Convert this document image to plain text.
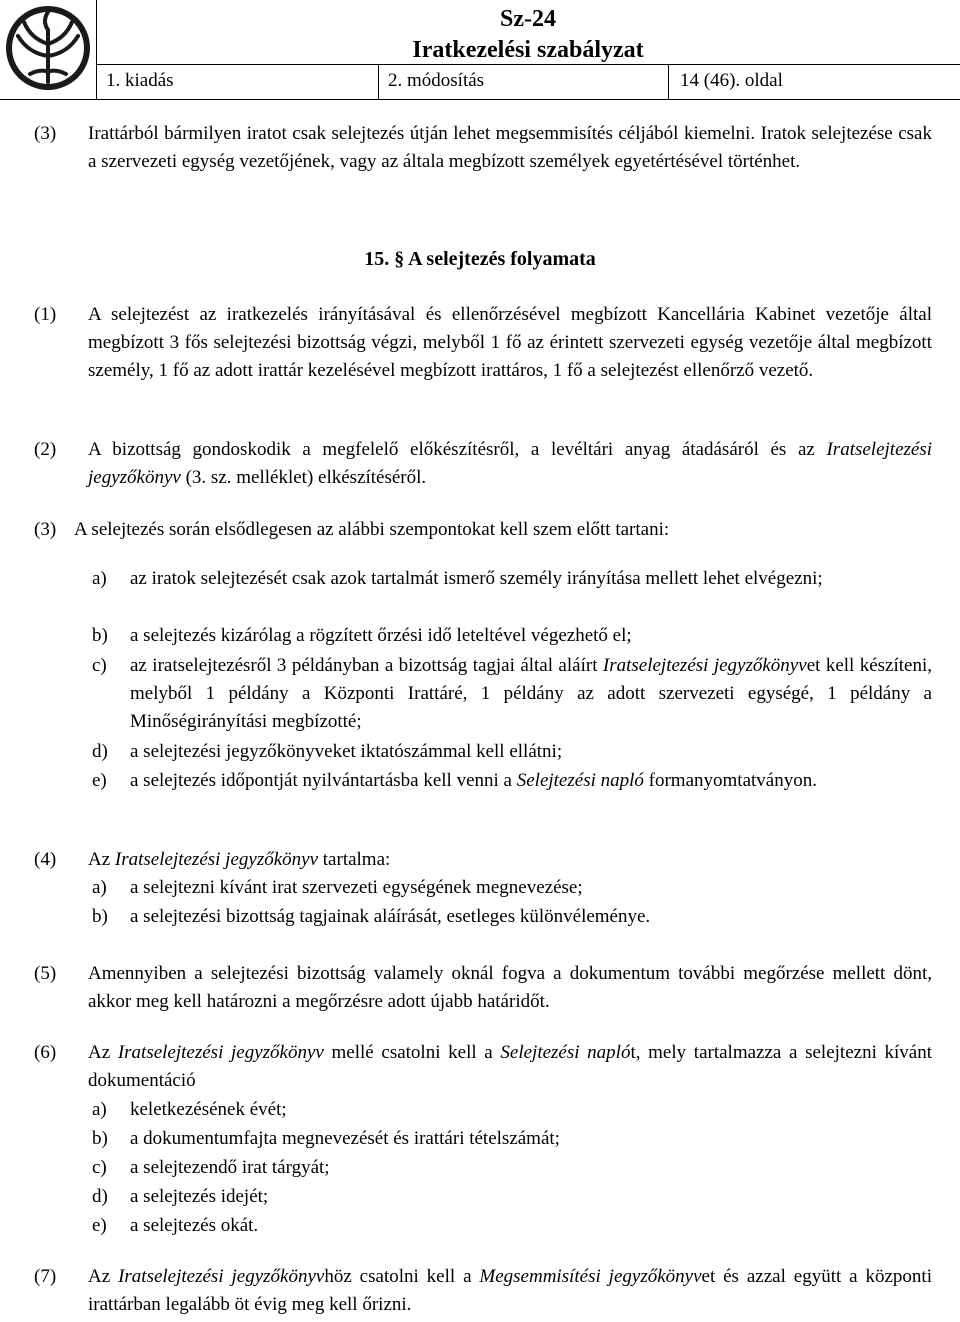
Sz-24
Iratkezelési szabályzat
1. kiadás	2. módosítás	14 (46). oldal
(3) Irattárból bármilyen iratot csak selejtezés útján lehet megsemmisítés céljából kiemelni. Iratok selejtezése csak a szervezeti egység vezetőjének, vagy az általa megbízott személyek egyetértésével történhet.
15. § A selejtezés folyamata
(1) A selejtezést az iratkezelés irányításával és ellenőrzésével megbízott Kancellária Kabinet vezetője által megbízott 3 fős selejtezési bizottság végzi, melyből 1 fő az érintett szervezeti egység vezetője által megbízott személy, 1 fő az adott irattár kezelésével megbízott irattáros, 1 fő a selejtezést ellenőrző vezető.
(2) A bizottság gondoskodik a megfelelő előkészítésről, a levéltári anyag átadásáról és az Iratselejtezési jegyzőkönyv (3. sz. melléklet) elkészítéséről.
(3) A selejtezés során elsődlegesen az alábbi szempontokat kell szem előtt tartani:
a) az iratok selejtezését csak azok tartalmát ismerő személy irányítása mellett lehet elvégezni;
b) a selejtezés kizárólag a rögzített őrzési idő leteltével végezhető el;
c) az iratselejtezésről 3 példányban a bizottság tagjai által aláírt Iratselejtezési jegyzőkönyvet kell készíteni, melyből 1 példány a Központi Irattáré, 1 példány az adott szervezeti egységé, 1 példány a Minőségirányítási megbízotté;
d) a selejtezési jegyzőkönyveket iktatószámmal kell ellátni;
e) a selejtezés időpontját nyilvántartásba kell venni a Selejtezési napló formanyomtatványon.
(4) Az Iratselejtezési jegyzőkönyv tartalma:
a) a selejtezni kívánt irat szervezeti egységének megnevezése;
b) a selejtezési bizottság tagjainak aláírását, esetleges különvéleménye.
(5) Amennyiben a selejtezési bizottság valamely oknál fogva a dokumentum további megőrzése mellett dönt, akkor meg kell határozni a megőrzésre adott újabb határidőt.
(6) Az Iratselejtezési jegyzőkönyv mellé csatolni kell a Selejtezési naplót, mely tartalmazza a selejtezni kívánt dokumentáció
a) keletkezésének évét;
b) a dokumentumfajta megnevezését és irattári tételszámát;
c) a selejtezendő irat tárgyát;
d) a selejtezés idejét;
e) a selejtezés okát.
(7) Az Iratselejtezési jegyzőkönyvhöz csatolni kell a Megsemmisítési jegyzőkönyvet és azzal együtt a központi irattárban legalább öt évig meg kell őrizni.
